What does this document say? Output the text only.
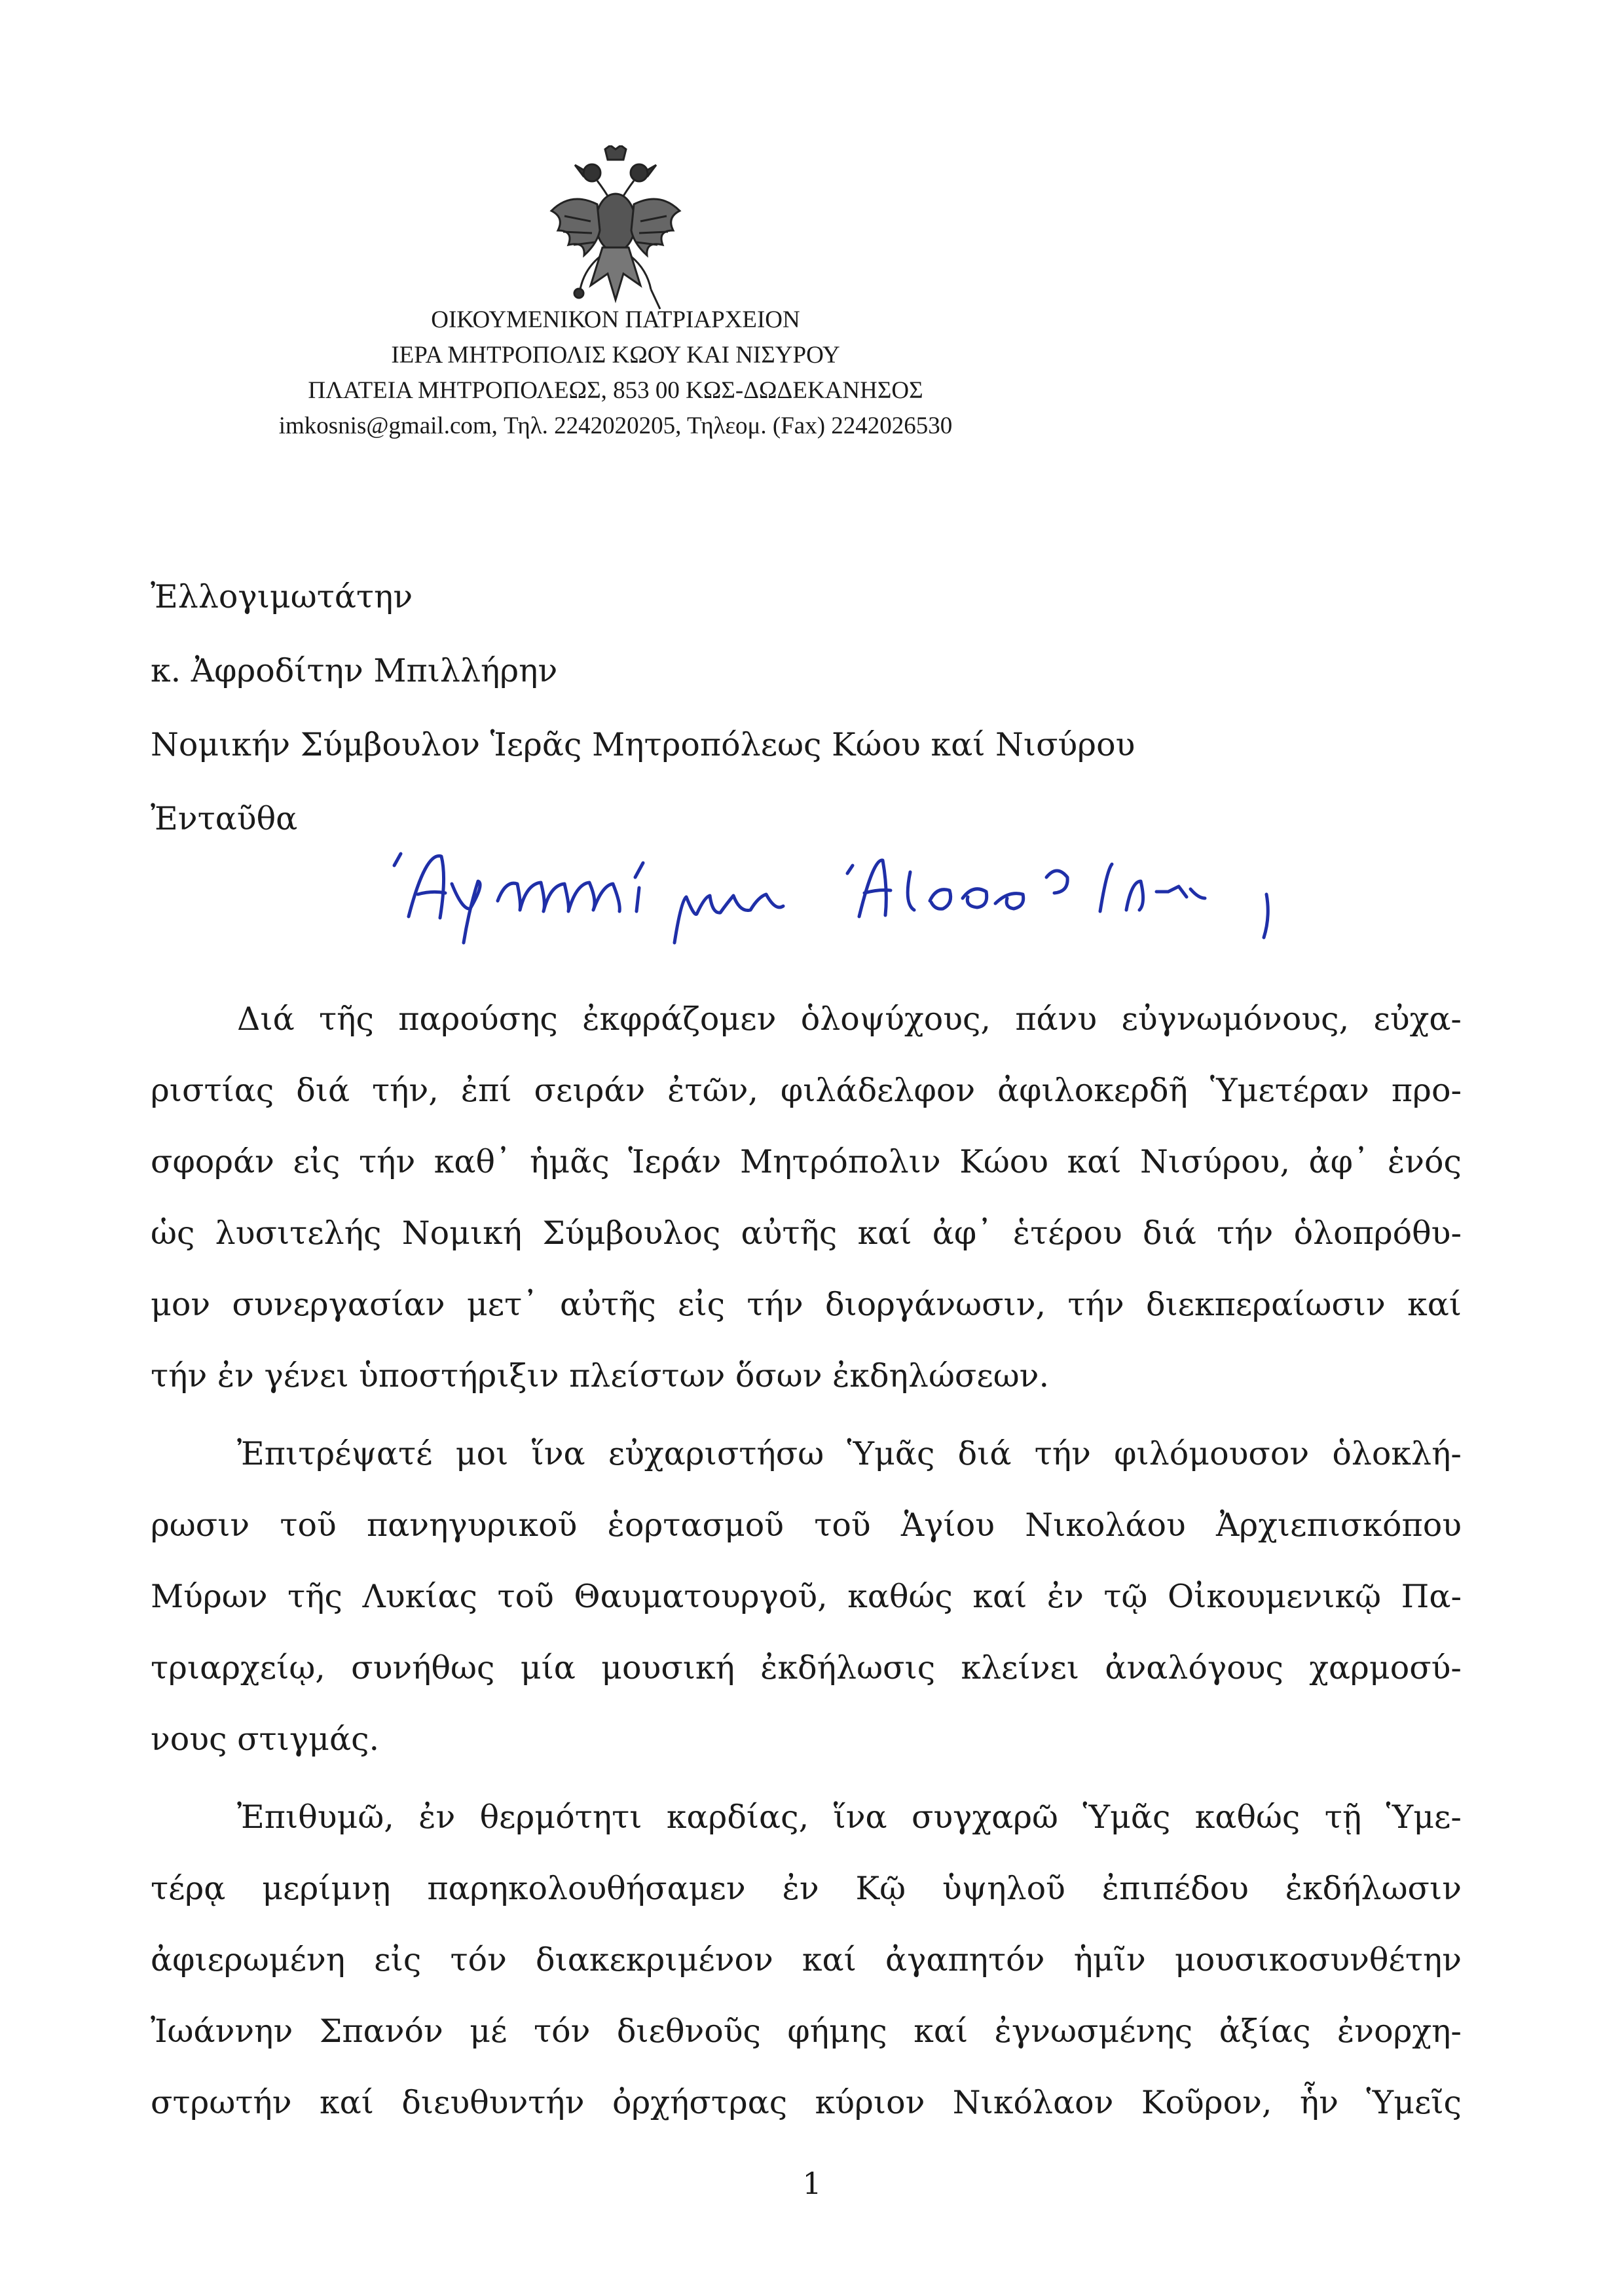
ΟΙΚΟΥΜΕΝΙΚΟΝ ΠΑΤΡΙΑΡΧΕΙΟΝ
ΙΕΡΑ ΜΗΤΡΟΠΟΛΙΣ ΚΩΟΥ ΚΑΙ ΝΙΣΥΡΟΥ
ΠΛΑΤΕΙΑ ΜΗΤΡΟΠΟΛΕΩΣ, 853 00 ΚΩΣ-ΔΩΔΕΚΑΝΗΣΟΣ
imkosnis@gmail.com, Τηλ. 2242020205, Τηλεομ. (Fax) 2242026530
Ἐλλογιμωτάτην
κ. Ἀφροδίτην Μπιλλήρην
Νομικήν Σύμβουλον Ἱερᾶς Μητροπόλεως Κώου καί Νισύρου
Ἐνταῦθα

Διά τῆς παρούσης ἐκφράζομεν ὁλοψύχους, πάνυ εὐγνωμόνους, εὐχα-
ριστίας διά τήν, ἐπί σειράν ἐτῶν, φιλάδελφον ἀφιλοκερδῆ Ὑμετέραν προ-
σφοράν εἰς τήν καθ᾽ ἡμᾶς Ἱεράν Μητρόπολιν Κώου καί Νισύρου, ἀφ᾽ ἑνός
ὡς λυσιτελής Νομική Σύμβουλος αὐτῆς καί ἀφ᾽ ἑτέρου διά τήν ὁλοπρόθυ-
μον συνεργασίαν μετ᾽ αὐτῆς εἰς τήν διοργάνωσιν, τήν διεκπεραίωσιν καί
τήν ἐν γένει ὑποστήριξιν πλείστων ὅσων ἐκδηλώσεων.

Ἐπιτρέψατέ μοι ἵνα εὐχαριστήσω Ὑμᾶς διά τήν φιλόμουσον ὁλοκλή-
ρωσιν τοῦ πανηγυρικοῦ ἑορτασμοῦ τοῦ Ἁγίου Νικολάου Ἀρχιεπισκόπου
Μύρων τῆς Λυκίας τοῦ Θαυματουργοῦ, καθώς καί ἐν τῷ Οἰκουμενικῷ Πα-
τριαρχείῳ, συνήθως μία μουσική ἐκδήλωσις κλείνει ἀναλόγους χαρμοσύ-
νους στιγμάς.

Ἐπιθυμῶ, ἐν θερμότητι καρδίας, ἵνα συγχαρῶ Ὑμᾶς καθώς τῇ Ὑμε-
τέρᾳ μερίμνῃ παρηκολουθήσαμεν ἐν Κῷ ὑψηλοῦ ἐπιπέδου ἐκδήλωσιν
ἀφιερωμένη εἰς τόν διακεκριμένον καί ἀγαπητόν ἡμῖν μουσικοσυνθέτην
Ἰωάννην Σπανόν μέ τόν διεθνοῦς φήμης καί ἐγνωσμένης ἀξίας ἐνορχη-
στρωτήν καί διευθυντήν ὀρχήστρας κύριον Νικόλαον Κοῦρον, ἧν Ὑμεῖς

1
